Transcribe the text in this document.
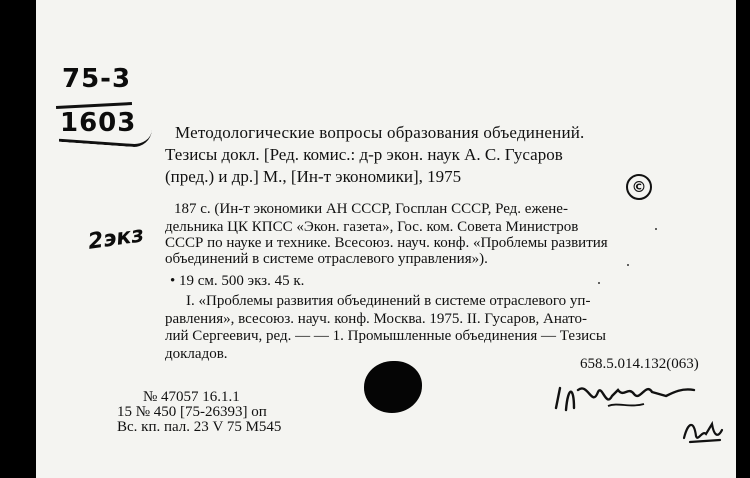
75-3
1603
2экз
Методологические вопросы образования объединений.
Тезисы докл. [Ред. комис.: д-р экон. наук А. С. Гусаров
(пред.) и др.] М., [Ин-т экономики], 1975
©
187 с. (Ин-т экономики АН СССР, Госплан СССР, Ред. еженe-
дельника ЦК КПСС «Экон. газета», Гос. ком. Совета Министров
СССР по науке и технике. Всесоюз. науч. конф. «Проблемы развития
объединений в системе отраслевого управления»).
• 19 см. 500 экз. 45 к.
I. «Проблемы развития объединений в системе отраслевого уп-
равления», всесоюз. науч. конф. Москва. 1975. II. Гусаров, Анато-
лий Сергеевич, ред. — — 1. Промышленные объединения — Тезисы
докладов.
658.5.014.132(063)
№ 47057 16.1.1
15 № 450 [75-26393] оп
Вс. кп. пал. 23 V 75 М545
